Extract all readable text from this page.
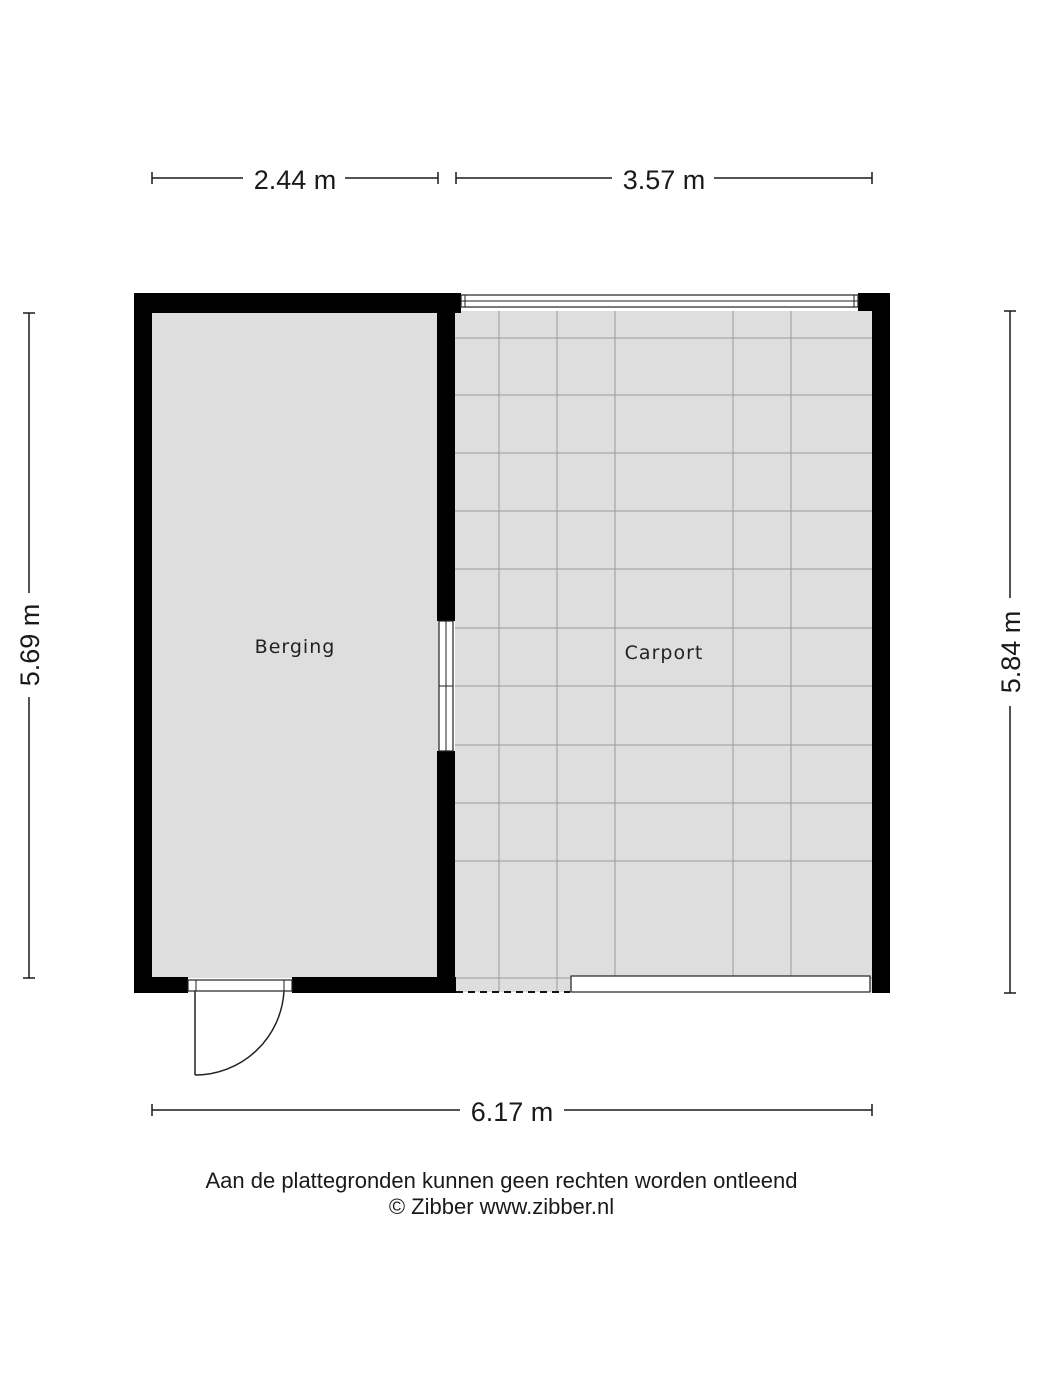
Berging	Carport
2.44 m	3.57 m
5.69 m	5.84 m
6.17 m
Aan de plattegronden kunnen geen rechten worden ontleend
© Zibber www.zibber.nl
